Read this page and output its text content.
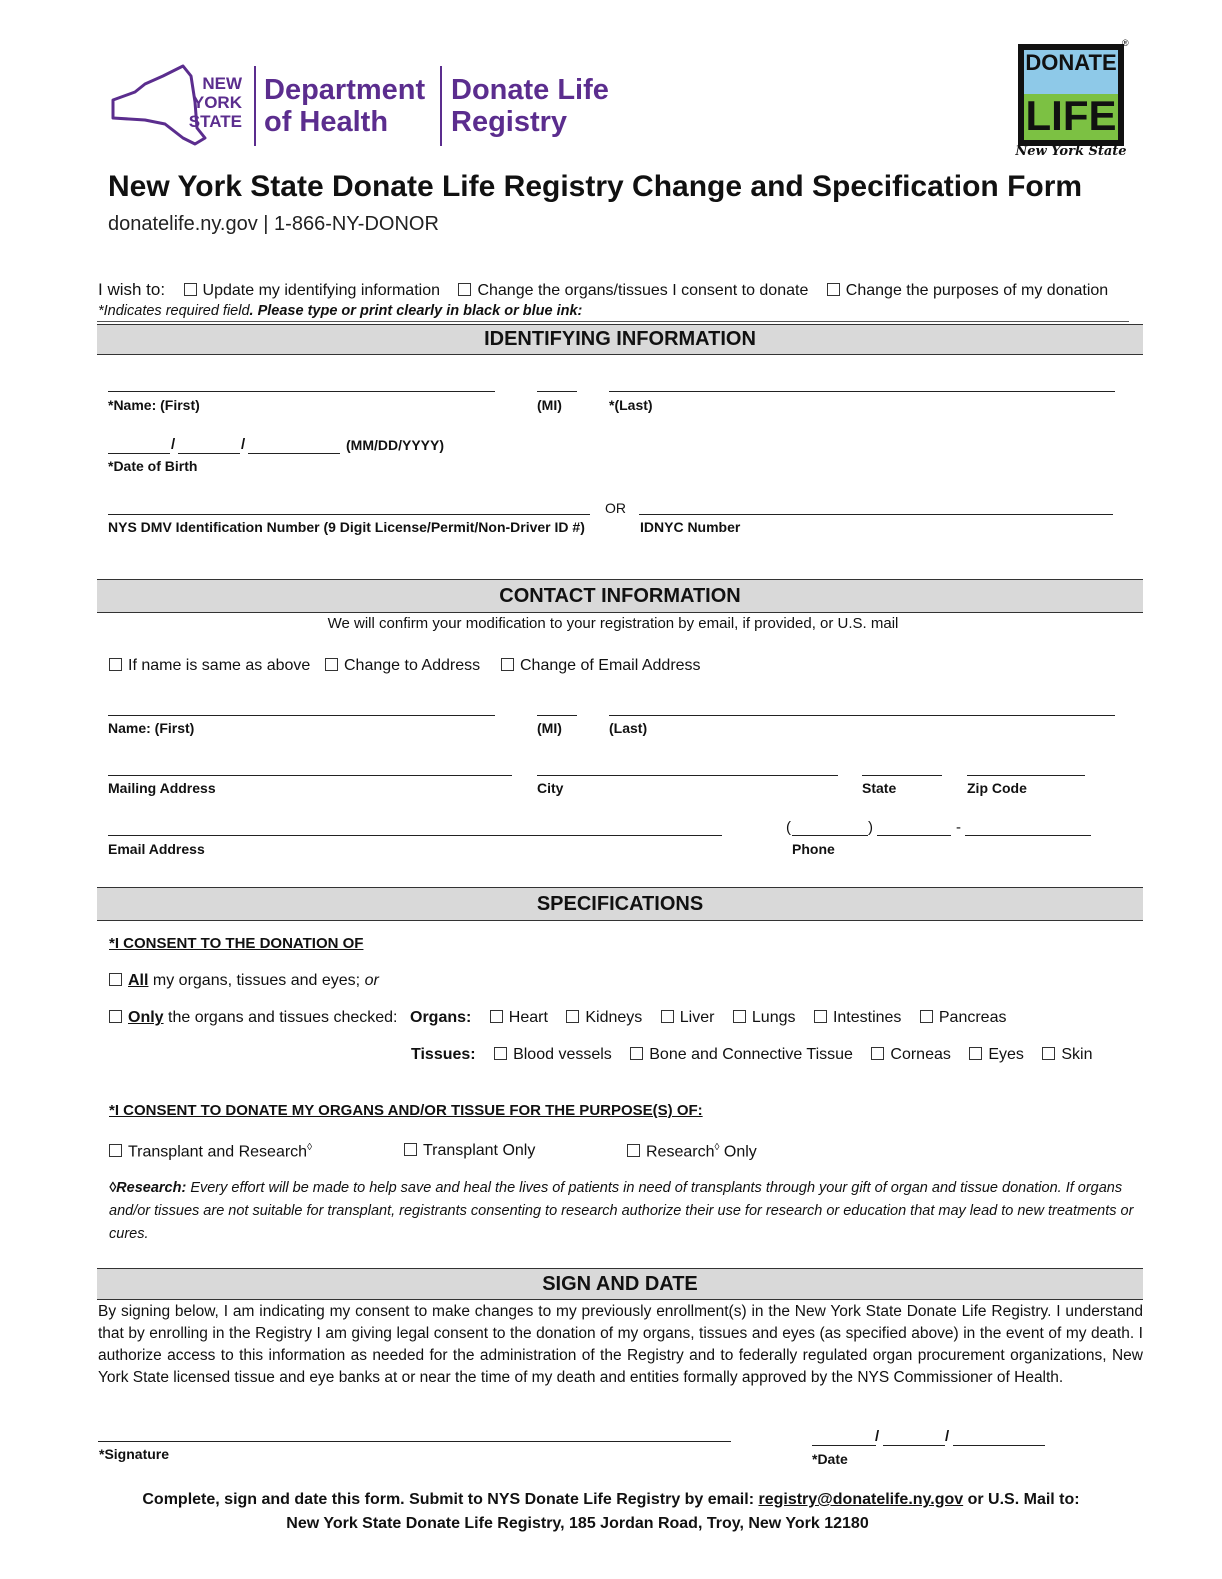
NEW
YORK
STATE
Department
of Health
Donate Life
Registry
DONATE
LIFE
New York State
®
New York State Donate Life Registry Change and Specification Form
donatelife.ny.gov | 1-866-NY-DONOR
I wish to: Update my identifying information Change the organs/tissues I consent to donate Change the purposes of my donation
*Indicates required field. Please type or print clearly in black or blue ink:
IDENTIFYING INFORMATION
*Name: (First)	(MI)	*(Last)
/	/	(MM/DD/YYYY)
*Date of Birth
OR
NYS DMV Identification Number (9 Digit License/Permit/Non-Driver ID #)	IDNYC Number
CONTACT INFORMATION
We will confirm your modification to your registration by email, if provided, or U.S. mail
If name is same as above	Change to Address	Change of Email Address
Name: (First)	(MI)	(Last)
Mailing Address	City	State	Zip Code
(	)	-
Email Address	Phone
SPECIFICATIONS
*I CONSENT TO THE DONATION OF
All my organs, tissues and eyes; or
Only the organs and tissues checked: Organs: Heart Kidneys Liver Lungs Intestines Pancreas
Tissues: Blood vessels Bone and Connective Tissue Corneas Eyes Skin
*I CONSENT TO DONATE MY ORGANS AND/OR TISSUE FOR THE PURPOSE(S) OF:
Transplant and Research◊	Transplant Only	Research◊ Only
◊Research: Every effort will be made to help save and heal the lives of patients in need of transplants through your gift of organ and tissue donation. If organs and/or tissues are not suitable for transplant, registrants consenting to research authorize their use for research or education that may lead to new treatments or cures.
SIGN AND DATE
By signing below, I am indicating my consent to make changes to my previously enrollment(s) in the New York State Donate Life Registry. I understand that by enrolling in the Registry I am giving legal consent to the donation of my organs, tissues and eyes (as specified above) in the event of my death. I authorize access to this information as needed for the administration of the Registry and to federally regulated organ procurement organizations, New York State licensed tissue and eye banks at or near the time of my death and entities formally approved by the NYS Commissioner of Health.
*Signature
/	/
*Date
Complete, sign and date this form. Submit to NYS Donate Life Registry by email: registry@donatelife.ny.gov or U.S. Mail to:
New York State Donate Life Registry, 185 Jordan Road, Troy, New York 12180
